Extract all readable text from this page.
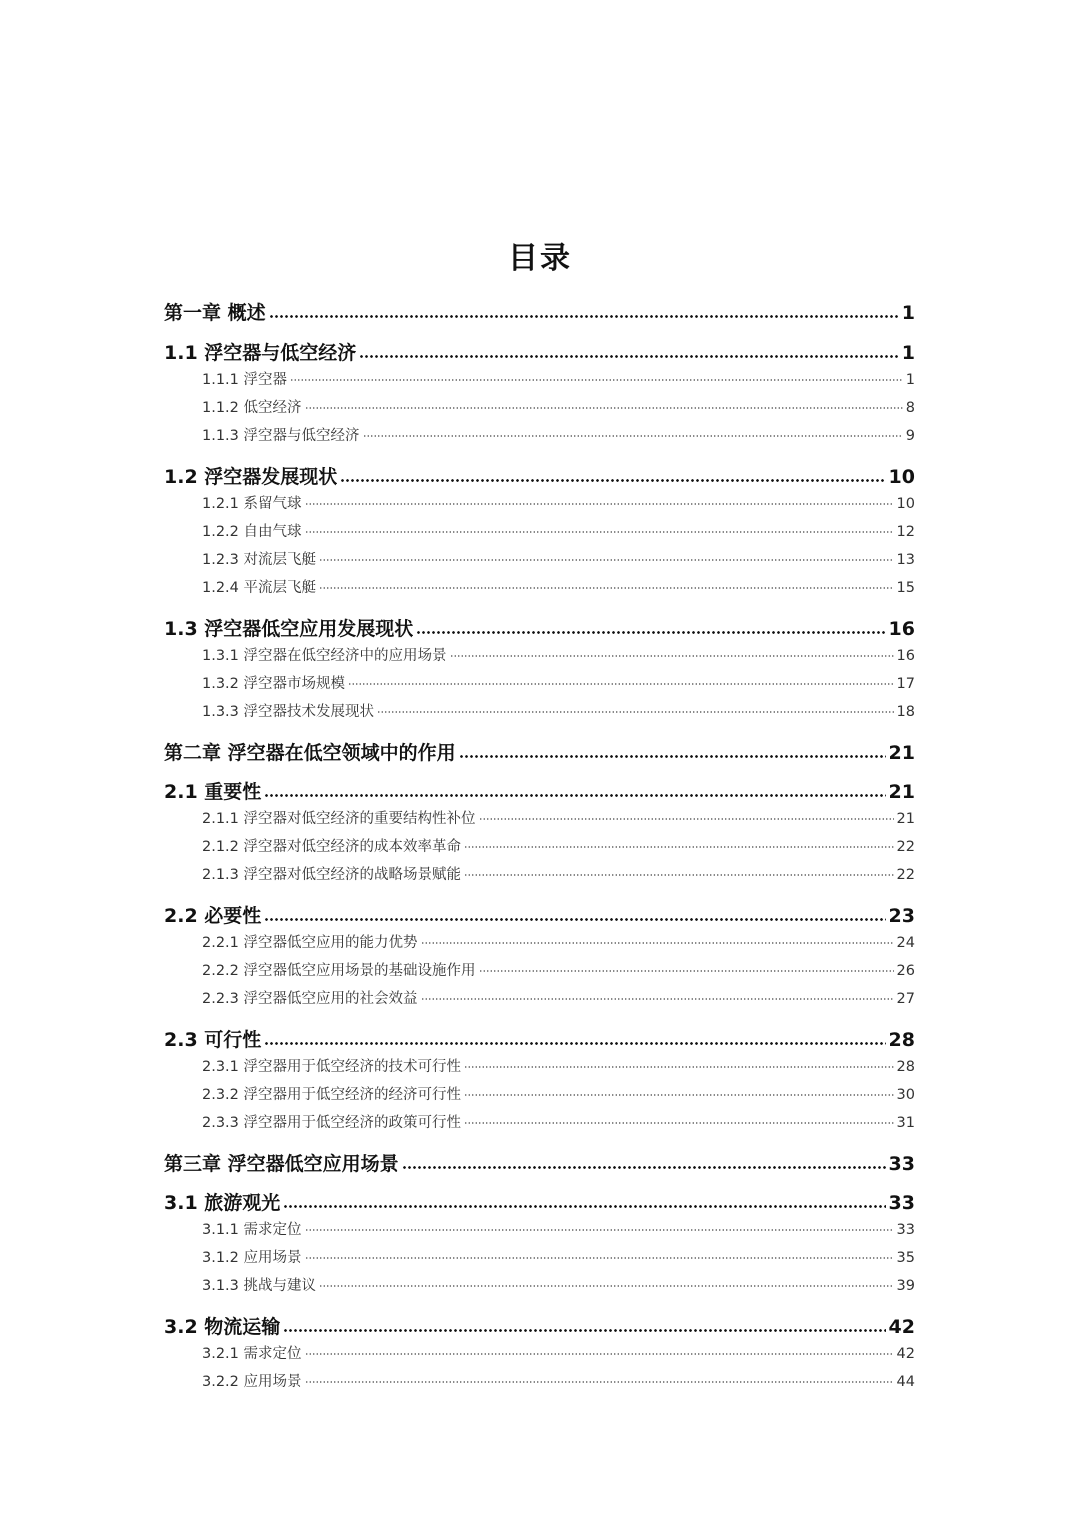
目录
第一章 概述	1
1.1 浮空器与低空经济	1
1.1.1 浮空器	1
1.1.2 低空经济	8
1.1.3 浮空器与低空经济	9
1.2 浮空器发展现状	10
1.2.1 系留气球	10
1.2.2 自由气球	12
1.2.3 对流层飞艇	13
1.2.4 平流层飞艇	15
1.3 浮空器低空应用发展现状	16
1.3.1 浮空器在低空经济中的应用场景	16
1.3.2 浮空器市场规模	17
1.3.3 浮空器技术发展现状	18
第二章 浮空器在低空领域中的作用	21
2.1 重要性	21
2.1.1 浮空器对低空经济的重要结构性补位	21
2.1.2 浮空器对低空经济的成本效率革命	22
2.1.3 浮空器对低空经济的战略场景赋能	22
2.2 必要性	23
2.2.1 浮空器低空应用的能力优势	24
2.2.2 浮空器低空应用场景的基础设施作用	26
2.2.3 浮空器低空应用的社会效益	27
2.3 可行性	28
2.3.1 浮空器用于低空经济的技术可行性	28
2.3.2 浮空器用于低空经济的经济可行性	30
2.3.3 浮空器用于低空经济的政策可行性	31
第三章 浮空器低空应用场景	33
3.1 旅游观光	33
3.1.1 需求定位	33
3.1.2 应用场景	35
3.1.3 挑战与建议	39
3.2 物流运输	42
3.2.1 需求定位	42
3.2.2 应用场景	44
